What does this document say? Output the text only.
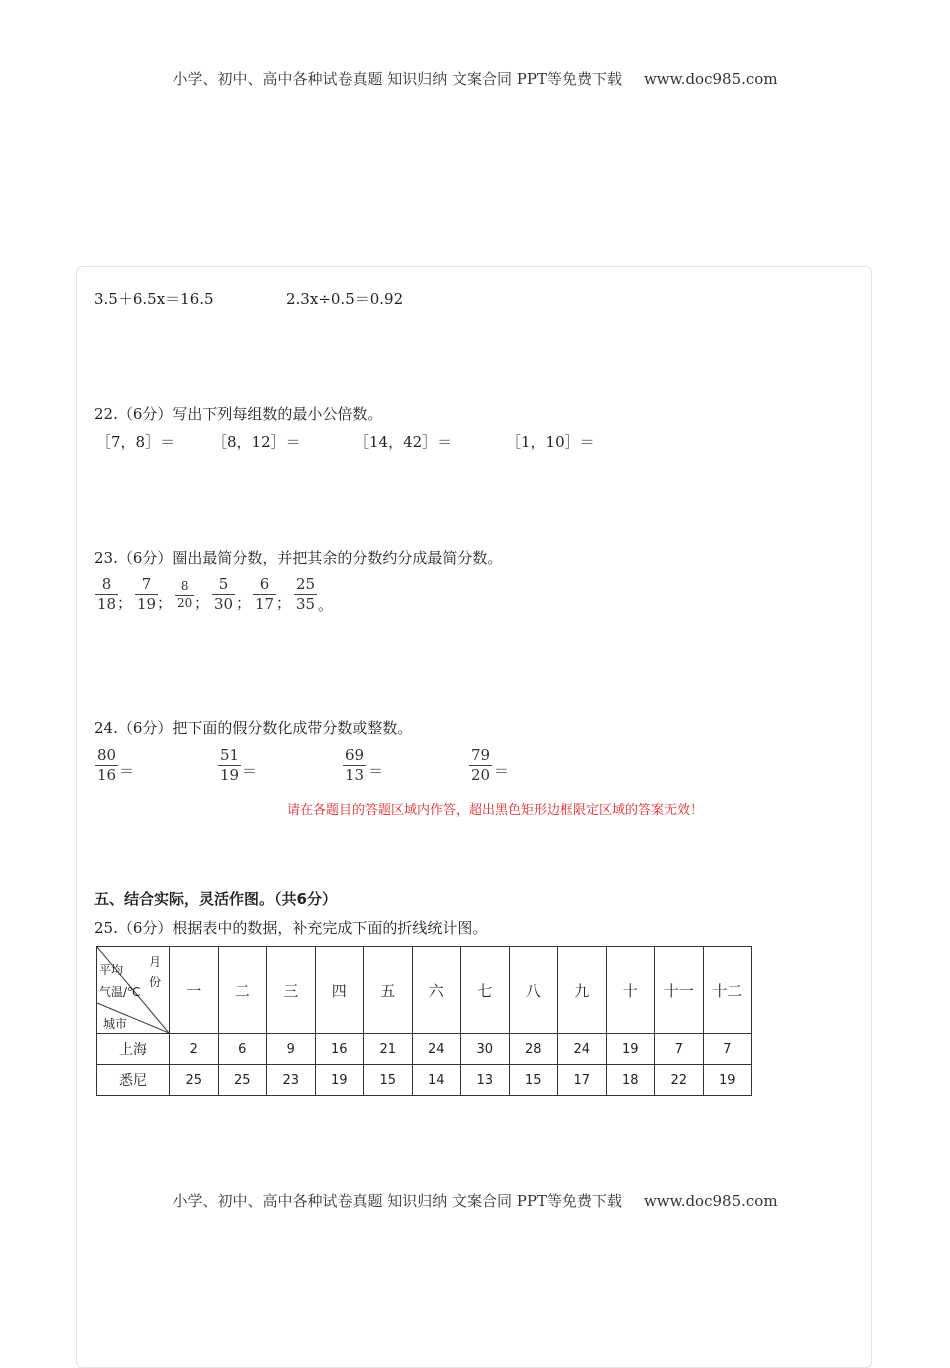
小学、初中、高中各种试卷真题 知识归纳 文案合同 PPT等免费下载 www.doc985.com
3.5＋6.5x＝16.5	2.3x÷0.5＝0.92
22.（6分）写出下列每组数的最小公倍数。
［7，8］＝ ［8，12］＝	［14，42］＝	［1，10］＝
23.（6分）圈出最简分数，并把其余的分数约分成最简分数。
8
18 ；
7
19 ；
8
20 ；
5
30 ；
6
17 ；
25
35 。
24.（6分）把下面的假分数化成带分数或整数。
80
16 ＝
51
19 ＝
69
13 ＝
79
20 ＝
请在各题目的答题区域内作答，超出黑色矩形边框限定区域的答案无效！
五、结合实际，灵活作图。（共6分）
25.（6分）根据表中的数据，补充完成下面的折线统计图。
平均
气温/℃
月
份
城市	一	二	三	四	五	六	七	八	九	十	十一	十二
上海	2	6	9	16	21	24	30	28	24	19	7	7
悉尼	25	25	23	19	15	14	13	15	17	18	22	19
小学、初中、高中各种试卷真题 知识归纳 文案合同 PPT等免费下载 www.doc985.com
